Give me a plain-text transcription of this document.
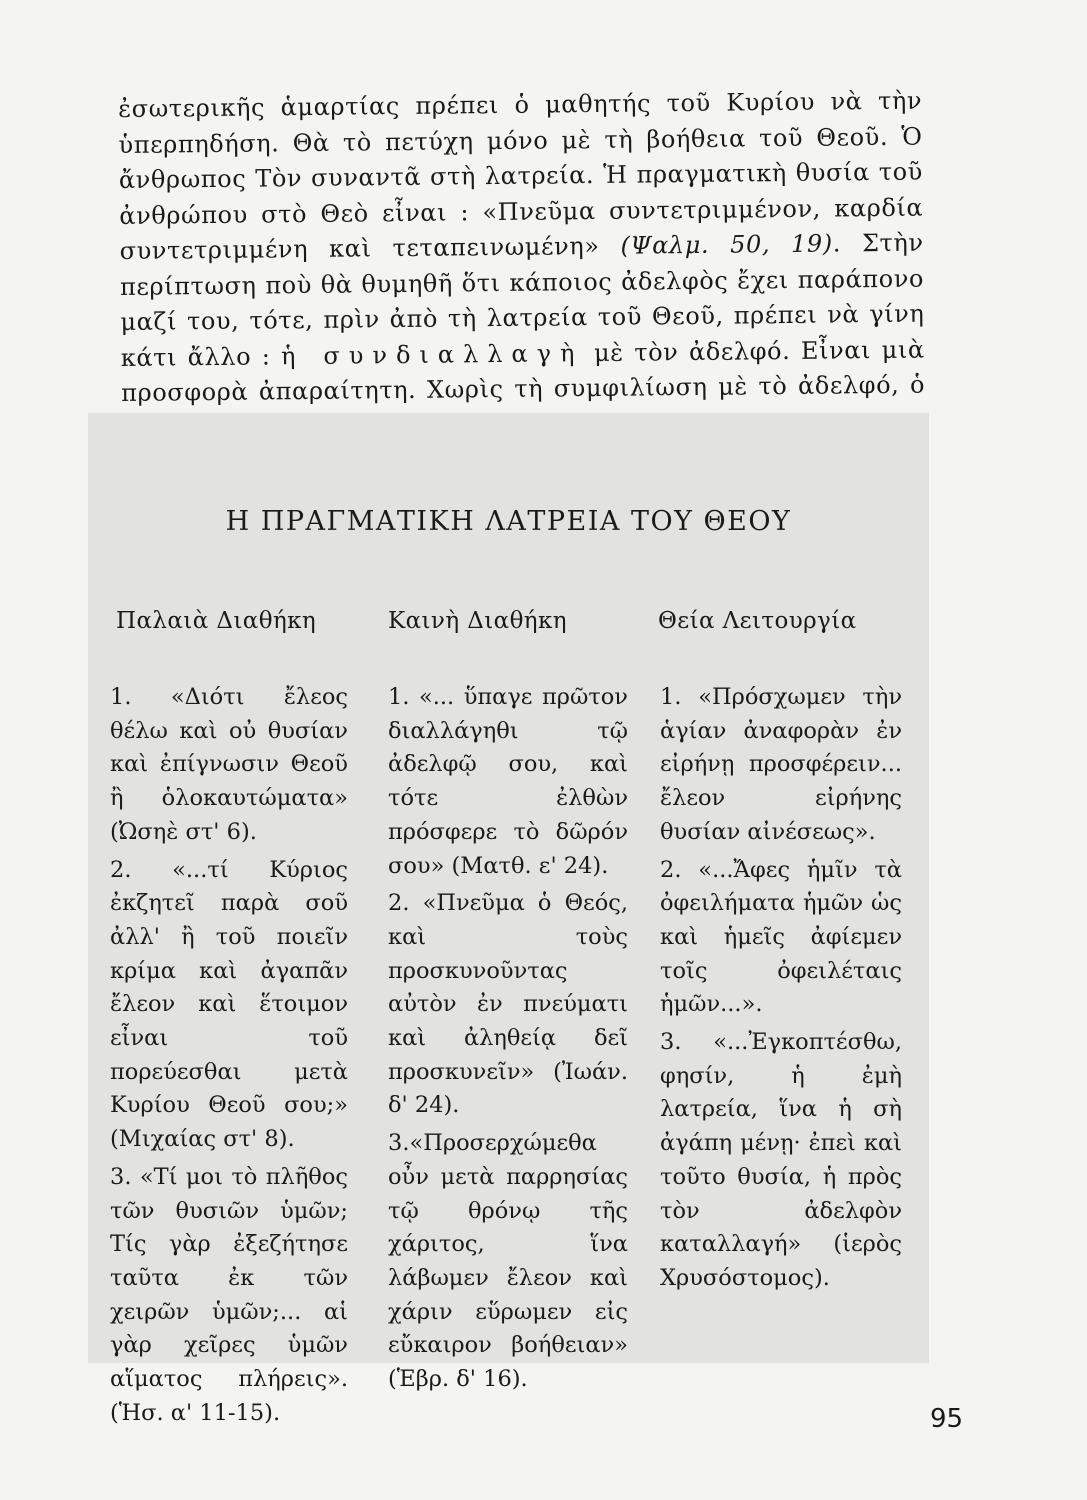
ἐσωτερικῆς ἁμαρτίας πρέπει ὁ μαθητής τοῦ Κυρίου νὰ τὴν ὑπερπηδήση. Θὰ τὸ πετύχη μόνο μὲ τὴ βοήθεια τοῦ Θεοῦ. Ὁ ἄνθρωπος Τὸν συναντᾶ στὴ λατρεία. Ἡ πραγματικὴ θυσία τοῦ ἀνθρώπου στὸ Θεὸ εἶναι : «Πνεῦμα συντετριμμένον, καρδία συντετριμμένη καὶ τεταπεινωμένη» (Ψαλμ. 50, 19). Στὴν περίπτωση ποὺ θὰ θυμηθῆ ὅτι κάποιος ἀδελφὸς ἔχει παράπονο μαζί του, τότε, πρὶν ἀπὸ τὴ λατρεία τοῦ Θεοῦ, πρέπει νὰ γίνη κάτι ἄλλο : ἡ συνδιαλλαγὴ μὲ τὸν ἀδελφό. Εἶναι μιὰ προσφορὰ ἀπαραίτητη. Χωρὶς τὴ συμφιλίωση μὲ τὸ ἀδελφό, ὁ
Η ΠΡΑΓΜΑΤΙΚΗ ΛΑΤΡΕΙΑ ΤΟΥ ΘΕΟΥ
Παλαιὰ Διαθήκη	Καινὴ Διαθήκη	Θεία Λειτουργία

1. «Διότι ἔλεος θέλω καὶ οὐ θυσίαν καὶ ἐπίγνωσιν Θεοῦ ἢ ὁλοκαυτώματα» (Ὠσηὲ στ' 6).

2. «...τί Κύριος ἐκζητεῖ παρὰ σοῦ ἀλλ' ἢ τοῦ ποιεῖν κρίμα καὶ ἀγαπᾶν ἔλεον καὶ ἕτοιμον εἶναι τοῦ πορεύεσθαι μετὰ Κυρίου Θεοῦ σου;» (Μιχαίας στ' 8).

3. «Τί μοι τὸ πλῆθος τῶν θυσιῶν ὑμῶν; Τίς γὰρ ἐξεζήτησε ταῦτα ἐκ τῶν χειρῶν ὑμῶν;... αἱ γὰρ χεῖρες ὑμῶν αἵματος πλήρεις». (Ἡσ. α' 11-15).

1. «... ὕπαγε πρῶτον διαλλάγηθι τῷ ἀδελφῷ σου, καὶ τότε ἐλθὼν πρόσφερε τὸ δῶρόν σου» (Ματθ. ε' 24).

2. «Πνεῦμα ὁ Θεός, καὶ τοὺς προσκυνοῦντας αὐτὸν ἐν πνεύματι καὶ ἀληθείᾳ δεῖ προσκυνεῖν» (Ἰωάν. δ' 24).

3.«Προσερχώμεθα οὖν μετὰ παρρησίας τῷ θρόνῳ τῆς χάριτος, ἵνα λάβωμεν ἔλεον καὶ χάριν εὕρωμεν εἰς εὔκαιρον βοήθειαν» (Ἑβρ. δ' 16).

1. «Πρόσχωμεν τὴν ἁγίαν ἀναφορὰν ἐν εἰρήνῃ προσφέρειν... ἔλεον εἰρήνης θυσίαν αἰνέσεως».

2. «...Ἄφες ἡμῖν τὰ ὀφειλήματα ἡμῶν ὡς καὶ ἡμεῖς ἀφίεμεν τοῖς ὀφειλέταις ἡμῶν...».

3. «...Ἐγκοπτέσθω, φησίν, ἡ ἐμὴ λατρεία, ἵνα ἡ σὴ ἀγάπη μένῃ· ἐπεὶ καὶ τοῦτο θυσία, ἡ πρὸς τὸν ἀδελφὸν καταλλαγή» (ἱερὸς Χρυσόστομος).

95
